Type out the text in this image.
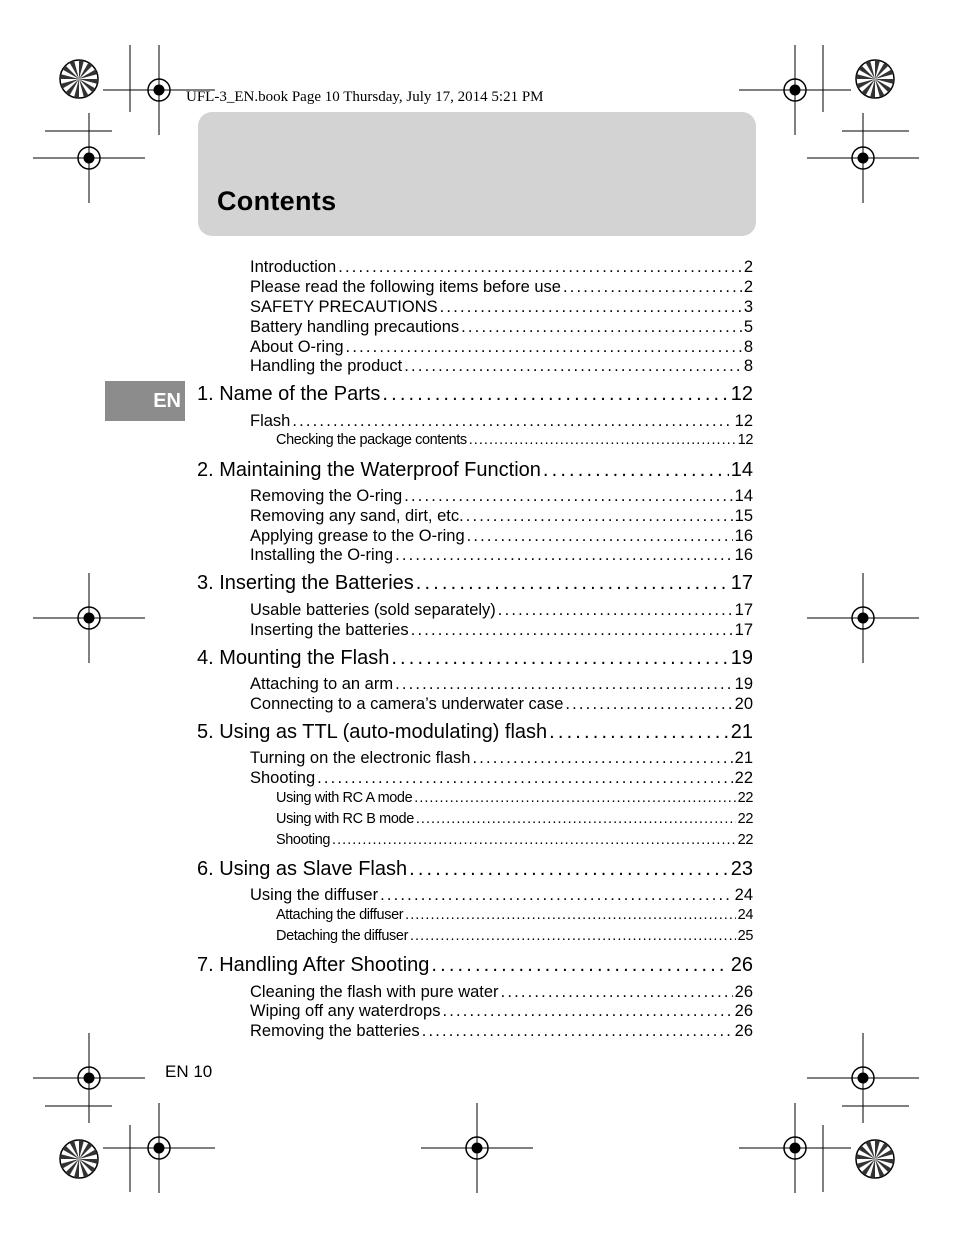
UFL-3_EN.book Page 10 Thursday, July 17, 2014 5:21 PM
Contents
EN
Introduction . . .	2
Please read the following items before use . . .	2
SAFETY PRECAUTIONS . . .	3
Battery handling precautions . . .	5
About O-ring . . .	8
Handling the product . . .	8
1. Name of the Parts . . .	12
Flash . . .	12
Checking the package contents . . .	12
2. Maintaining the Waterproof Function . . .	14
Removing the O-ring . . .	14
Removing any sand, dirt, etc. . . .	15
Applying grease to the O-ring . . .	16
Installing the O-ring . . .	16
3. Inserting the Batteries . . .	17
Usable batteries (sold separately) . . .	17
Inserting the batteries . . .	17
4. Mounting the Flash . . .	19
Attaching to an arm . . .	19
Connecting to a camera’s underwater case . . .	20
5. Using as TTL (auto-modulating) flash . . .	21
Turning on the electronic flash . . .	21
Shooting . . .	22
Using with RC A mode . . .	22
Using with RC B mode . . .	22
Shooting . . .	22
6. Using as Slave Flash . . .	23
Using the diffuser . . .	24
Attaching the diffuser . . .	24
Detaching the diffuser . . .	25
7. Handling After Shooting . . .	26
Cleaning the flash with pure water . . .	26
Wiping off any waterdrops . . .	26
Removing the batteries . . .	26
EN 10
